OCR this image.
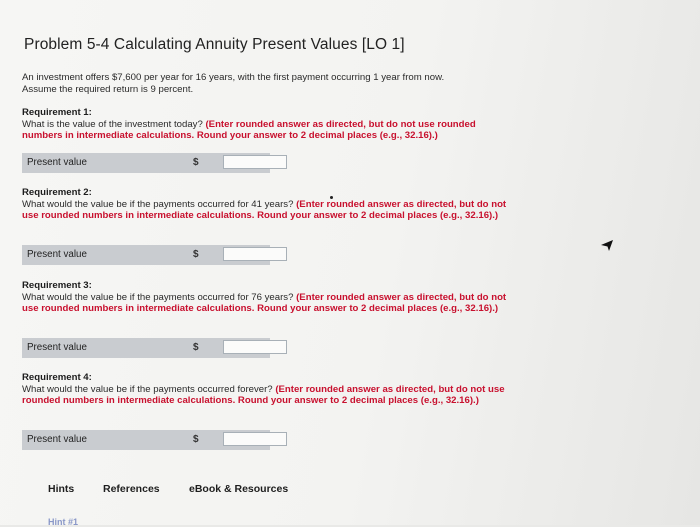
Problem 5-4 Calculating Annuity Present Values [LO 1]
An investment offers $7,600 per year for 16 years, with the first payment occurring 1 year from now.
Assume the required return is 9 percent.
Requirement 1:
What is the value of the investment today? (Enter rounded answer as directed, but do not use rounded numbers in intermediate calculations. Round your answer to 2 decimal places (e.g., 32.16).)
Present value	$
Requirement 2:
What would the value be if the payments occurred for 41 years? (Enter rounded answer as directed, but do not use rounded numbers in intermediate calculations. Round your answer to 2 decimal places (e.g., 32.16).)
Present value	$
Requirement 3:
What would the value be if the payments occurred for 76 years? (Enter rounded answer as directed, but do not use rounded numbers in intermediate calculations. Round your answer to 2 decimal places (e.g., 32.16).)
Present value	$
Requirement 4:
What would the value be if the payments occurred forever? (Enter rounded answer as directed, but do not use rounded numbers in intermediate calculations. Round your answer to 2 decimal places (e.g., 32.16).)
Present value	$
Hints	References	eBook & Resources
Hint #1
